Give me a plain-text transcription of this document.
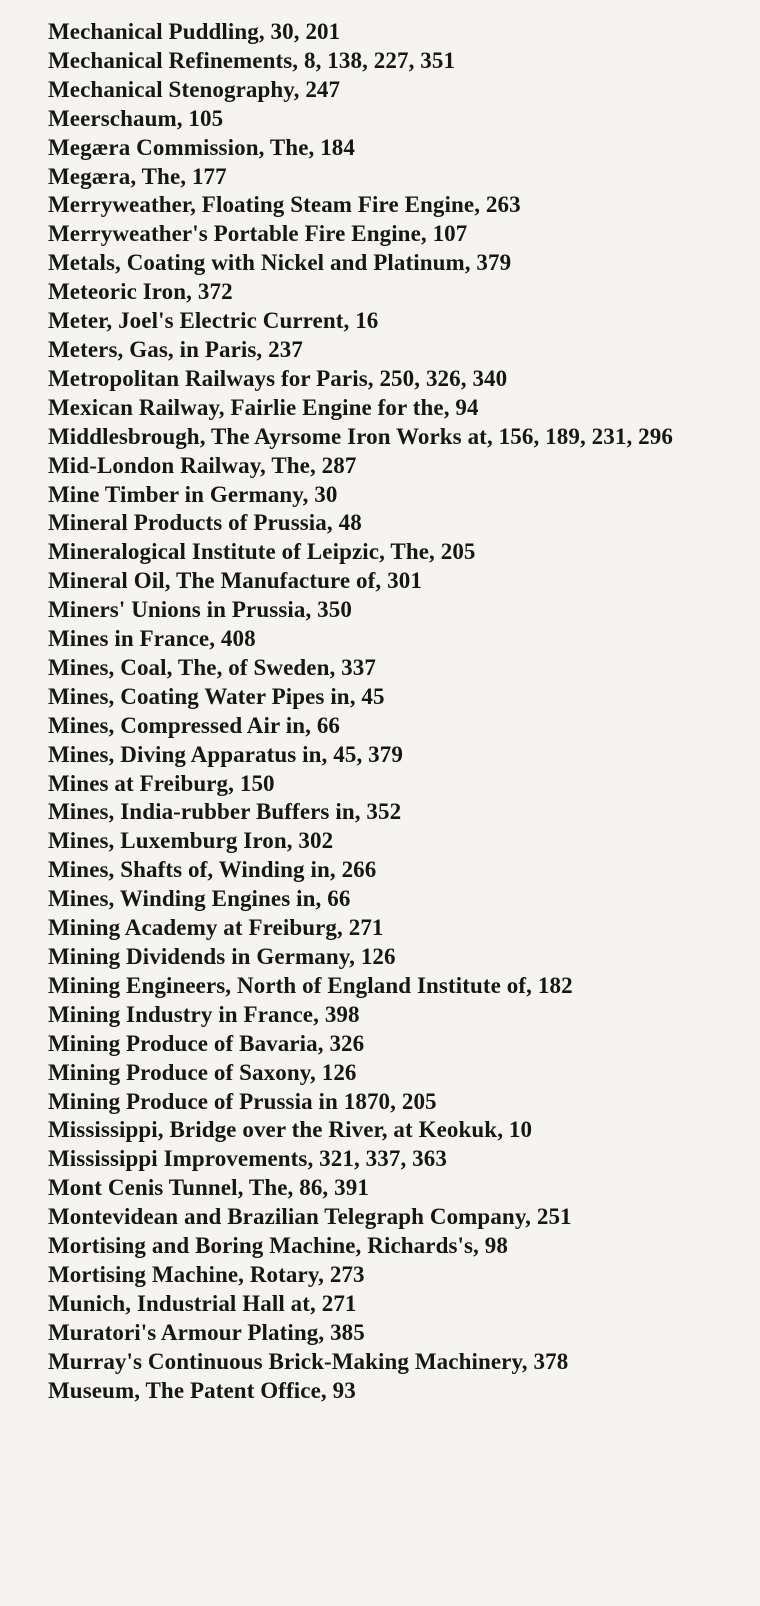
Mechanical Puddling, 30, 201
Mechanical Refinements, 8, 138, 227, 351
Mechanical Stenography, 247
Meerschaum, 105
Megæra Commission, The, 184
Megæra, The, 177
Merryweather, Floating Steam Fire Engine, 263
Merryweather's Portable Fire Engine, 107
Metals, Coating with Nickel and Platinum, 379
Meteoric Iron, 372
Meter, Joel's Electric Current, 16
Meters, Gas, in Paris, 237
Metropolitan Railways for Paris, 250, 326, 340
Mexican Railway, Fairlie Engine for the, 94
Middlesbrough, The Ayrsome Iron Works at, 156, 189, 231, 296
Mid-London Railway, The, 287
Mine Timber in Germany, 30
Mineral Products of Prussia, 48
Mineralogical Institute of Leipzic, The, 205
Mineral Oil, The Manufacture of, 301
Miners' Unions in Prussia, 350
Mines in France, 408
Mines, Coal, The, of Sweden, 337
Mines, Coating Water Pipes in, 45
Mines, Compressed Air in, 66
Mines, Diving Apparatus in, 45, 379
Mines at Freiburg, 150
Mines, India-rubber Buffers in, 352
Mines, Luxemburg Iron, 302
Mines, Shafts of, Winding in, 266
Mines, Winding Engines in, 66
Mining Academy at Freiburg, 271
Mining Dividends in Germany, 126
Mining Engineers, North of England Institute of, 182
Mining Industry in France, 398
Mining Produce of Bavaria, 326
Mining Produce of Saxony, 126
Mining Produce of Prussia in 1870, 205
Mississippi, Bridge over the River, at Keokuk, 10
Mississippi Improvements, 321, 337, 363
Mont Cenis Tunnel, The, 86, 391
Montevidean and Brazilian Telegraph Company, 251
Mortising and Boring Machine, Richards's, 98
Mortising Machine, Rotary, 273
Munich, Industrial Hall at, 271
Muratori's Armour Plating, 385
Murray's Continuous Brick-Making Machinery, 378
Museum, The Patent Office, 93
